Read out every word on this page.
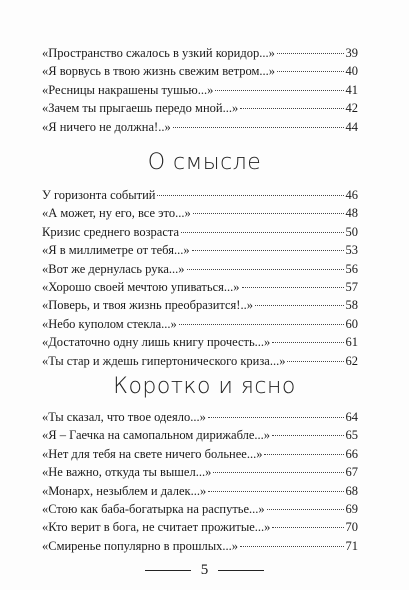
«Пространство сжалось в узкий коридор...»	39
«Я ворвусь в твою жизнь свежим ветром...»	40
«Ресницы накрашены тушью...»	41
«Зачем ты прыгаешь передо мной...»	42
«Я ничего не должна!..»	44
О смысле
У горизонта событий	46
«А может, ну его, все это...»	48
Кризис среднего возраста	50
«Я в миллиметре от тебя...»	53
«Вот же дернулась рука...»	56
«Хорошо своей мечтою упиваться...»	57
«Поверь, и твоя жизнь преобразится!..»	58
«Небо куполом стекла...»	60
«Достаточно одну лишь книгу прочесть...»	61
«Ты стар и ждешь гипертонического криза...»	62
Коротко и ясно
«Ты сказал, что твое одеяло...»	64
«Я – Гаечка на самопальном дирижабле...»	65
«Нет для тебя на свете ничего больнее...»	66
«Не важно, откуда ты вышел...»	67
«Монарх, незыблем и далек...»	68
«Стою как баба-богатырка на распутье...»	69
«Кто верит в бога, не считает прожитые...»	70
«Смиренье популярно в прошлых...»	71
5
